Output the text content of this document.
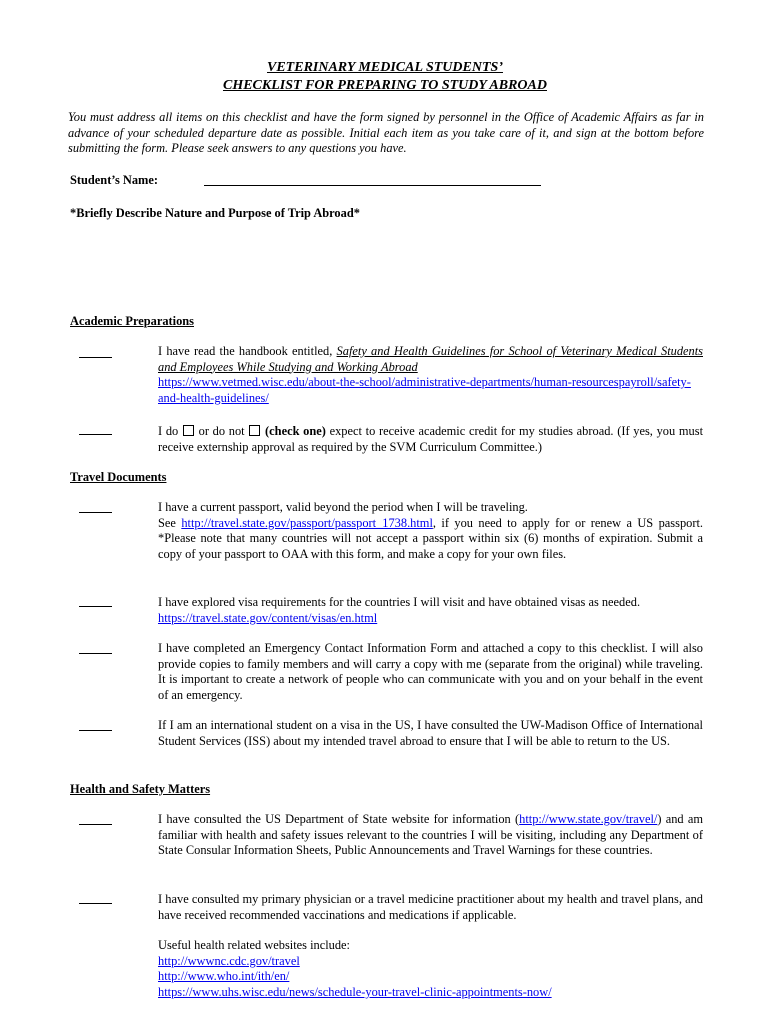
VETERINARY MEDICAL STUDENTS’
CHECKLIST FOR PREPARING TO STUDY ABROAD
You must address all items on this checklist and have the form signed by personnel in the Office of Academic Affairs as far in advance of your scheduled departure date as possible. Initial each item as you take care of it, and sign at the bottom before submitting the form. Please seek answers to any questions you have.
Student’s Name:
*Briefly Describe Nature and Purpose of Trip Abroad*
Academic Preparations
I have read the handbook entitled, Safety and Health Guidelines for School of Veterinary Medical Students and Employees While Studying and Working Abroad
https://www.vetmed.wisc.edu/about-the-school/administrative-departments/human-resourcespayroll/safety-and-health-guidelines/
I do  or do not  (check one) expect to receive academic credit for my studies abroad. (If yes, you must receive externship approval as required by the SVM Curriculum Committee.)
Travel Documents
I have a current passport, valid beyond the period when I will be traveling.
See http://travel.state.gov/passport/passport_1738.html, if you need to apply for or renew a US passport. *Please note that many countries will not accept a passport within six (6) months of expiration. Submit a copy of your passport to OAA with this form, and make a copy for your own files.
I have explored visa requirements for the countries I will visit and have obtained visas as needed.
https://travel.state.gov/content/visas/en.html
I have completed an Emergency Contact Information Form and attached a copy to this checklist. I will also provide copies to family members and will carry a copy with me (separate from the original) while traveling. It is important to create a network of people who can communicate with you and on your behalf in the event of an emergency.
If I am an international student on a visa in the US, I have consulted the UW-Madison Office of International Student Services (ISS) about my intended travel abroad to ensure that I will be able to return to the US.
Health and Safety Matters
I have consulted the US Department of State website for information (http://www.state.gov/travel/) and am familiar with health and safety issues relevant to the countries I will be visiting, including any Department of State Consular Information Sheets, Public Announcements and Travel Warnings for these countries.
I have consulted my primary physician or a travel medicine practitioner about my health and travel plans, and have received recommended vaccinations and medications if applicable.
Useful health related websites include:
http://wwwnc.cdc.gov/travel
http://www.who.int/ith/en/
https://www.uhs.wisc.edu/news/schedule-your-travel-clinic-appointments-now/
